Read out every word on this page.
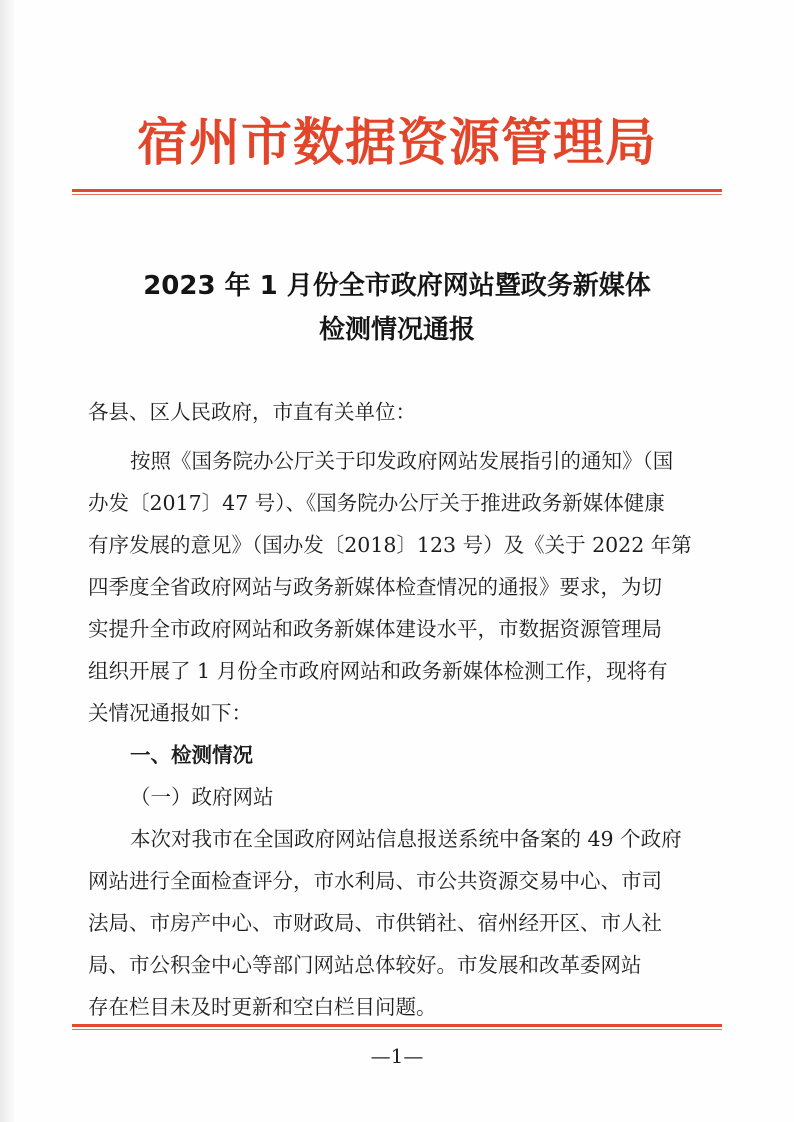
宿州市数据资源管理局
2023 年 1 月份全市政府网站暨政务新媒体
检测情况通报
各县、区人民政府，市直有关单位：
按照《国务院办公厅关于印发政府网站发展指引的通知》（国
办发〔2017〕47 号）、《国务院办公厅关于推进政务新媒体健康
有序发展的意见》（国办发〔2018〕123 号）及《关于 2022 年第
四季度全省政府网站与政务新媒体检查情况的通报》要求，为切
实提升全市政府网站和政务新媒体建设水平，市数据资源管理局
组织开展了 1 月份全市政府网站和政务新媒体检测工作，现将有
关情况通报如下：
一、检测情况
（一）政府网站
本次对我市在全国政府网站信息报送系统中备案的 49 个政府
网站进行全面检查评分，市水利局、市公共资源交易中心、市司
法局、市房产中心、市财政局、市供销社、宿州经开区、市人社
局、市公积金中心等部门网站总体较好。市发展和改革委网站
存在栏目未及时更新和空白栏目问题。
—1—
